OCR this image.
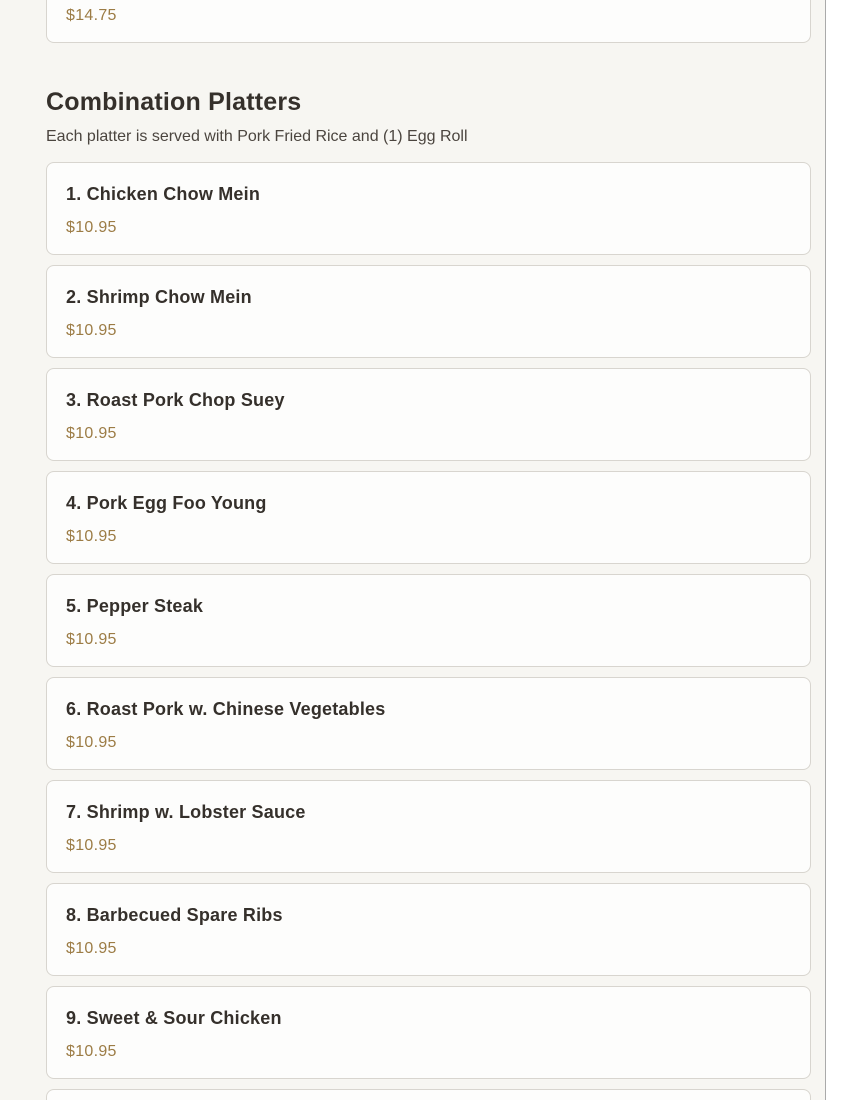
$14.75
Combination Platters

Each platter is served with Pork Fried Rice and (1) Egg Roll

1. Chicken Chow Mein
$10.95
2. Shrimp Chow Mein
$10.95
3. Roast Pork Chop Suey
$10.95
4. Pork Egg Foo Young
$10.95
5. Pepper Steak
$10.95
6. Roast Pork w. Chinese Vegetables
$10.95
7. Shrimp w. Lobster Sauce
$10.95
8. Barbecued Spare Ribs
$10.95
9. Sweet & Sour Chicken
$10.95
